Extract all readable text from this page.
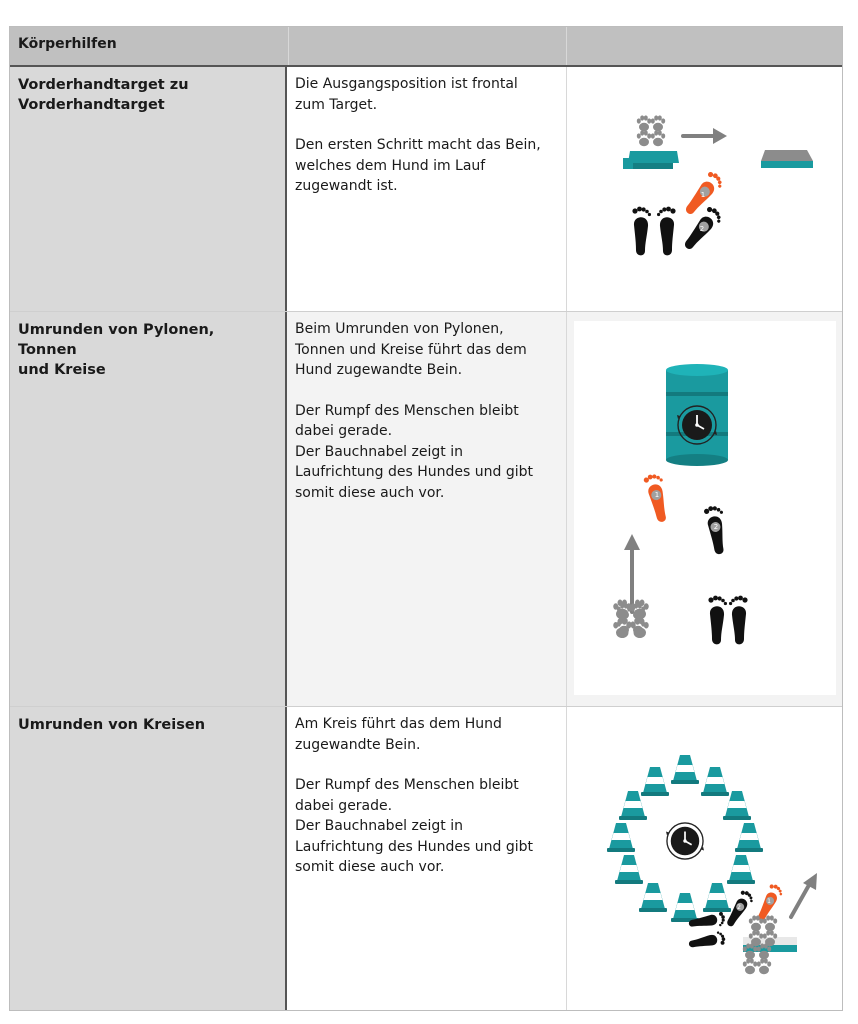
Körperhilfen

Vorderhandtarget zu
Vorderhandtarget

Die Ausgangsposition ist frontal
zum Target.

Den ersten Schritt macht das Bein,
welches dem Hund im Lauf
zugewandt ist.

1
2

Umrunden von Pylonen, Tonnen
und Kreise

Beim Umrunden von Pylonen,
Tonnen und Kreise führt das dem
Hund zugewandte Bein.

Der Rumpf des Menschen bleibt
dabei gerade.
Der Bauchnabel zeigt in
Laufrichtung des Hundes und gibt
somit diese auch vor.	1
2

Umrunden von Kreisen	Am Kreis führt das dem Hund
zugewandte Bein.

Der Rumpf des Menschen bleibt
dabei gerade.
Der Bauchnabel zeigt in
Laufrichtung des Hundes und gibt
somit diese auch vor.

2
1
